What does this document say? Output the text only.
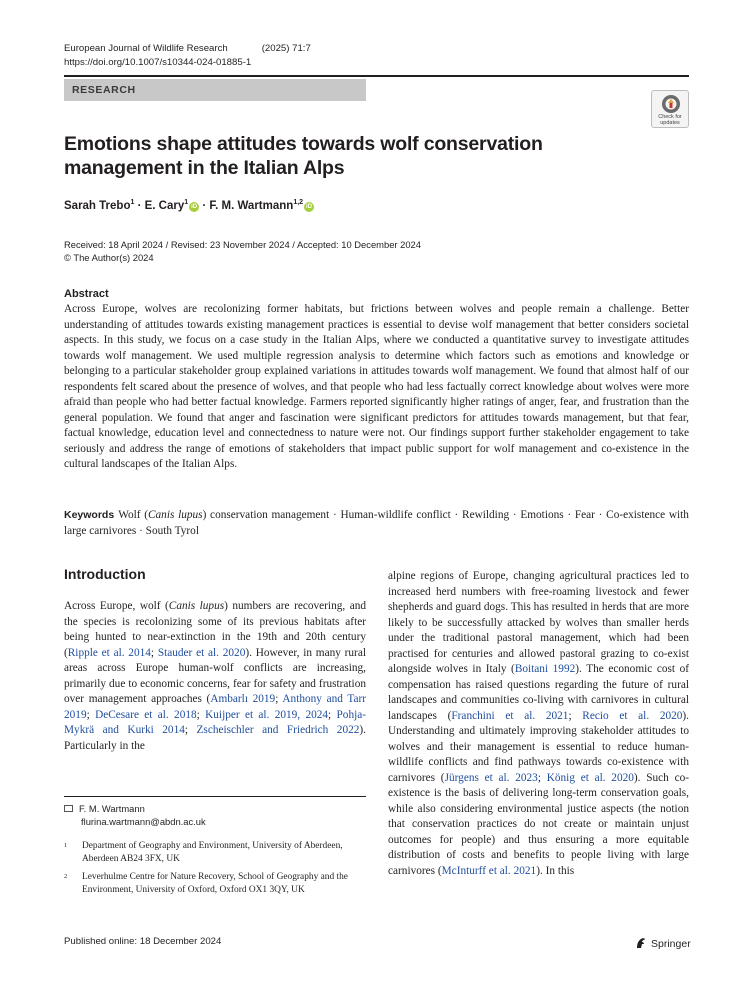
European Journal of Wildlife Research	(2025) 71:7
https://doi.org/10.1007/s10344-024-01885-1
RESEARCH
Check for updates
Emotions shape attitudes towards wolf conservation management in the Italian Alps
Sarah Trebo$^1$ · E. Cary$^1$iD · F. M. Wartmann$^{1,2}$iD
Received: 18 April 2024 / Revised: 23 November 2024 / Accepted: 10 December 2024
© The Author(s) 2024
Abstract

Across Europe, wolves are recolonizing former habitats, but frictions between wolves and people remain a challenge. Better understanding of attitudes towards existing management practices is essential to devise wolf management that better considers societal aspects. In this study, we focus on a case study in the Italian Alps, where we conducted a quantitative survey to investigate attitudes towards wolf management. We used multiple regression analysis to determine which factors such as emotions and knowledge or belonging to a particular stakeholder group explained variations in attitudes towards wolf management. We found that almost half of our respondents felt scared about the presence of wolves, and that people who had less factually correct knowledge about wolves were more afraid than people who had better factual knowledge. Farmers reported significantly higher ratings of anger, fear, and frustration than the general population. We found that anger and fascination were significant predictors for attitudes towards management, but that fear, factual knowledge, education level and connectedness to nature were not. Our findings support further stakeholder engagement to take seriously and address the range of emotions of stakeholders that impact public support for wolf management and co-existence in the cultural landscapes of the Italian Alps.

Keywords Wolf (Canis lupus) conservation management · Human-wildlife conflict · Rewilding · Emotions · Fear · Co-existence with large carnivores · South Tyrol

Introduction

Across Europe, wolf (Canis lupus) numbers are recovering, and the species is recolonizing some of its previous habitats after being hunted to near-extinction in the 19th and 20th century (Ripple et al. 2014; Stauder et al. 2020). However, in many rural areas across Europe human-wolf conflicts are increasing, primarily due to economic concerns, fear for safety and frustration over management approaches (Ambarlı 2019; Anthony and Tarr 2019; DeCesare et al. 2018; Kuijper et al. 2019, 2024; Pohja-Mykrä and Kurki 2014; Zscheischler and Friedrich 2022). Particularly in the

alpine regions of Europe, changing agricultural practices led to increased herd numbers with free-roaming livestock and fewer shepherds and guard dogs. This has resulted in herds that are more likely to be successfully attacked by wolves than smaller herds under the traditional pastoral management, which had been practised for centuries and allowed pastoral grazing to co-exist alongside wolves in Italy (Boitani 1992). The economic cost of compensation has raised questions regarding the future of rural landscapes and communities co-living with carnivores in cultural landscapes (Franchini et al. 2021; Recio et al. 2020). Understanding and ultimately improving stakeholder attitudes to wolves and their management is essential to reduce human-wildlife conflicts and find pathways towards co-existence with carnivores (Jürgens et al. 2023; König et al. 2020). Such co-existence is the basis of delivering long-term conservation goals, while also considering environmental justice aspects (the notion that conservation practices do not create or maintain unjust outcomes for people) and thus ensuring a more equitable distribution of costs and benefits to people living with large carnivores (McInturff et al. 2021). In this

F. M. Wartmann
flurina.wartmann@abdn.ac.uk
1	Department of Geography and Environment, University of Aberdeen, Aberdeen AB24 3FX, UK
2	Leverhulme Centre for Nature Recovery, School of Geography and the Environment, University of Oxford, Oxford OX1 3QY, UK
Published online: 18 December 2024	Springer
